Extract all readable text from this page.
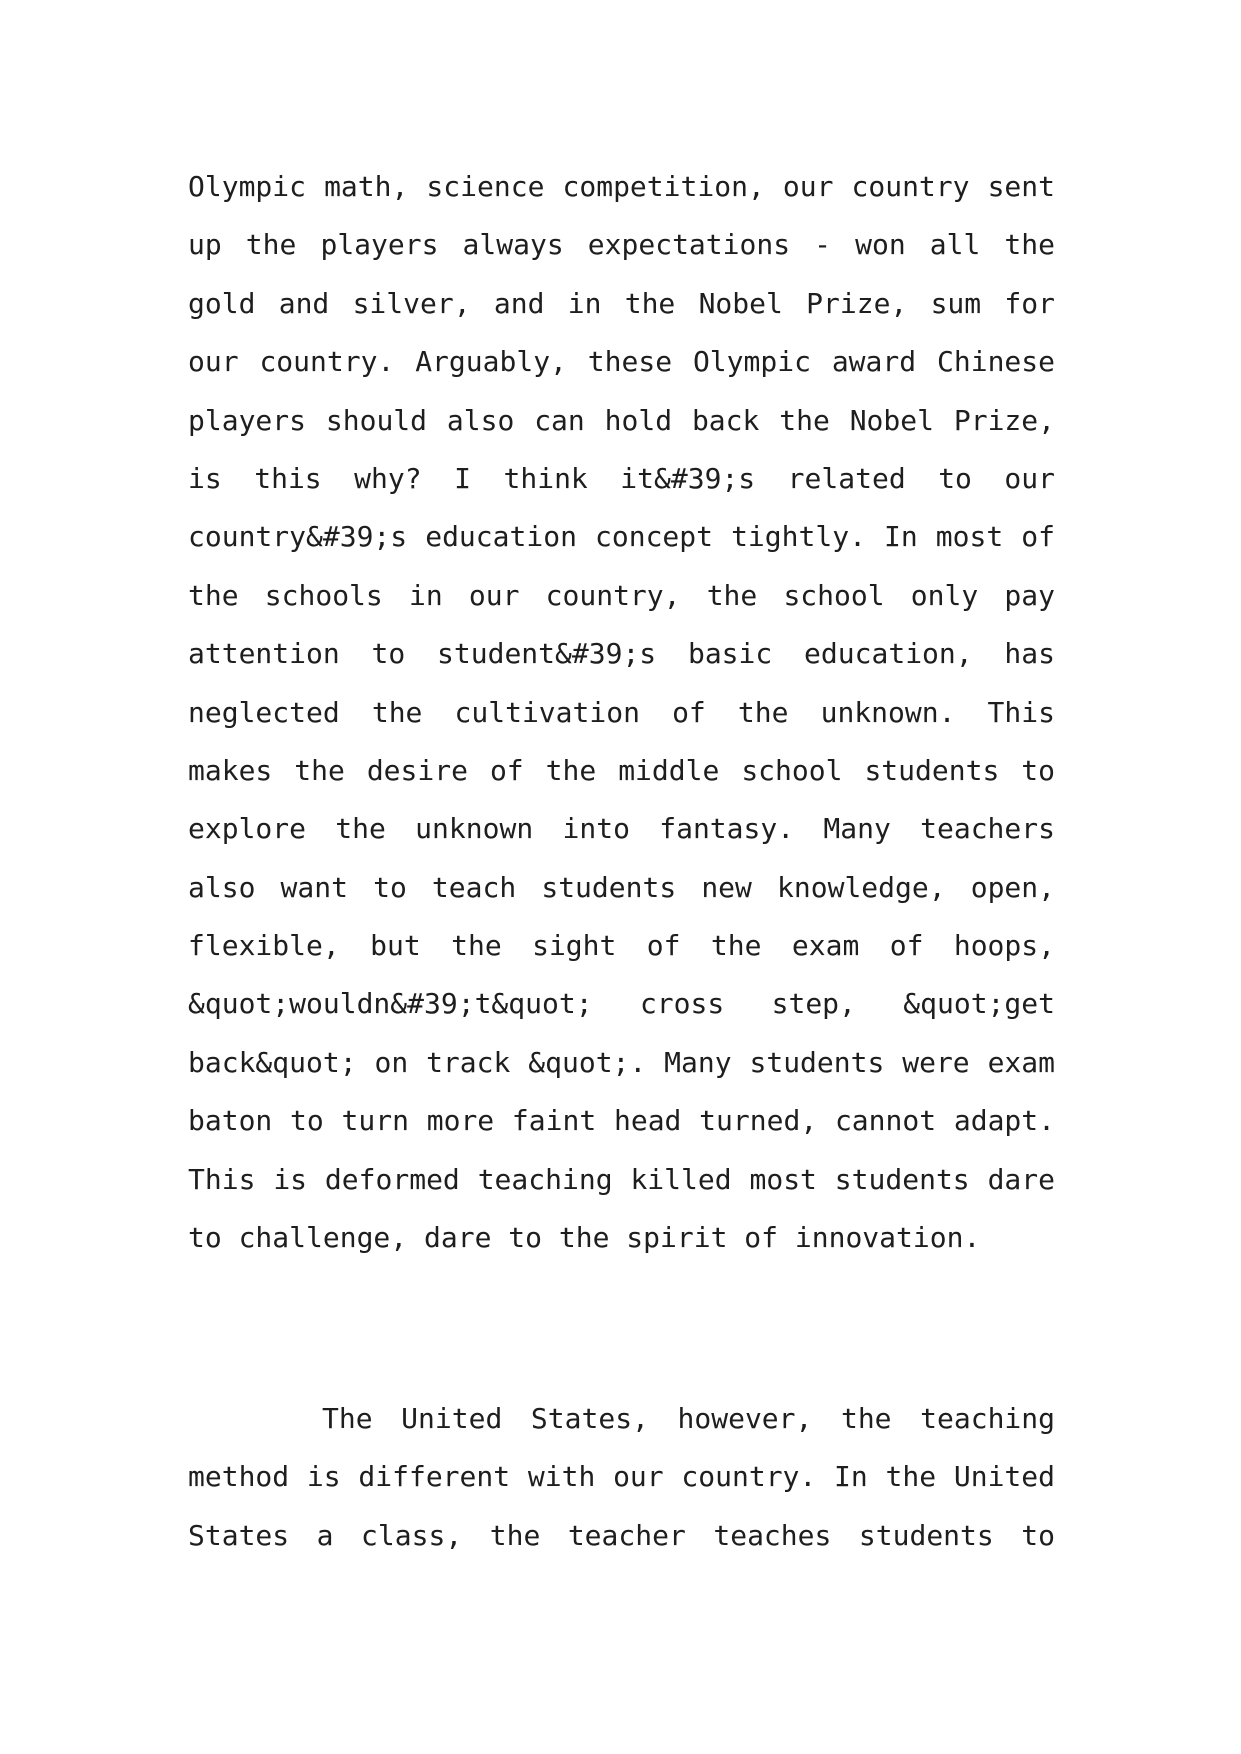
Olympic math, science competition, our country sent
up the players always expectations - won all the
gold and silver, and in the Nobel Prize, sum for
our country. Arguably, these Olympic award Chinese
players should also can hold back the Nobel Prize,
is this why? I think it&#39;s related to our
country&#39;s education concept tightly. In most of
the schools in our country, the school only pay
attention to student&#39;s basic education, has
neglected the cultivation of the unknown. This
makes the desire of the middle school students to
explore the unknown into fantasy. Many teachers
also want to teach students new knowledge, open,
flexible, but the sight of the exam of hoops,
&quot;wouldn&#39;t&quot; cross step, &quot;get
back&quot; on track &quot;. Many students were exam
baton to turn more faint head turned, cannot adapt.
This is deformed teaching killed most students dare
to challenge, dare to the spirit of innovation.
The United States, however, the teaching
method is different with our country. In the United
States a class, the teacher teaches students to
